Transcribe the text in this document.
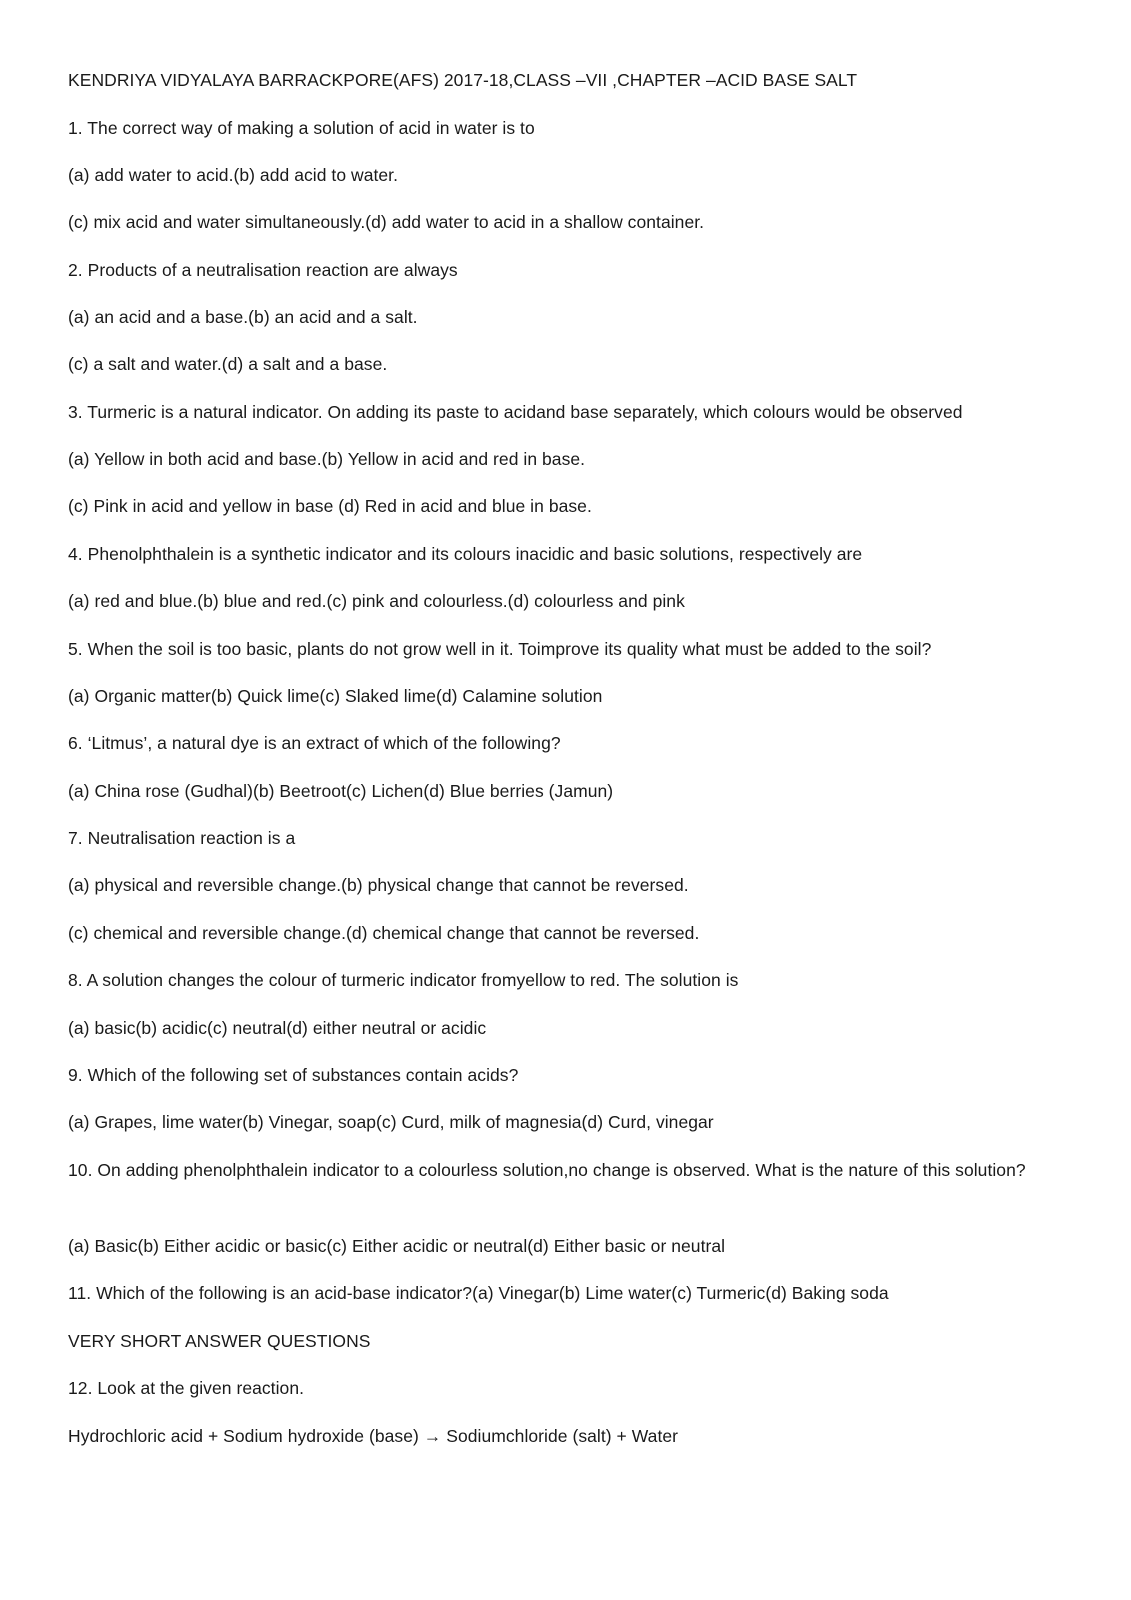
KENDRIYA VIDYALAYA BARRACKPORE(AFS) 2017-18,CLASS –VII ,CHAPTER –ACID BASE SALT
1. The correct way of making a solution of acid in water is to
(a) add water to acid.(b) add acid to water.
(c) mix acid and water simultaneously.(d) add water to acid in a shallow container.
2. Products of a neutralisation reaction are always
(a) an acid and a base.(b) an acid and a salt.
(c) a salt and water.(d) a salt and a base.
3. Turmeric is a natural indicator. On adding its paste to acidand base separately, which colours would be observed
(a) Yellow in both acid and base.(b) Yellow in acid and red in base.
(c) Pink in acid and yellow in base (d) Red in acid and blue in base.
4. Phenolphthalein is a synthetic indicator and its colours inacidic and basic solutions, respectively are
(a) red and blue.(b) blue and red.(c) pink and colourless.(d) colourless and pink
5. When the soil is too basic, plants do not grow well in it. Toimprove its quality what must be added to the soil?
(a) Organic matter(b) Quick lime(c) Slaked lime(d) Calamine solution
6. ‘Litmus’, a natural dye is an extract of which of the following?
(a) China rose (Gudhal)(b) Beetroot(c) Lichen(d) Blue berries (Jamun)
7. Neutralisation reaction is a
(a) physical and reversible change.(b) physical change that cannot be reversed.
(c) chemical and reversible change.(d) chemical change that cannot be reversed.
8. A solution changes the colour of turmeric indicator fromyellow to red. The solution is
(a) basic(b) acidic(c) neutral(d) either neutral or acidic
9. Which of the following set of substances contain acids?
(a) Grapes, lime water(b) Vinegar, soap(c) Curd, milk of magnesia(d) Curd, vinegar
10. On adding phenolphthalein indicator to a colourless solution,no change is observed. What is the nature of this solution?
(a) Basic(b) Either acidic or basic(c) Either acidic or neutral(d) Either basic or neutral
11. Which of the following is an acid-base indicator?(a) Vinegar(b) Lime water(c) Turmeric(d) Baking soda
VERY SHORT ANSWER QUESTIONS
12. Look at the given reaction.
Hydrochloric acid + Sodium hydroxide (base) → Sodiumchloride (salt) + Water
